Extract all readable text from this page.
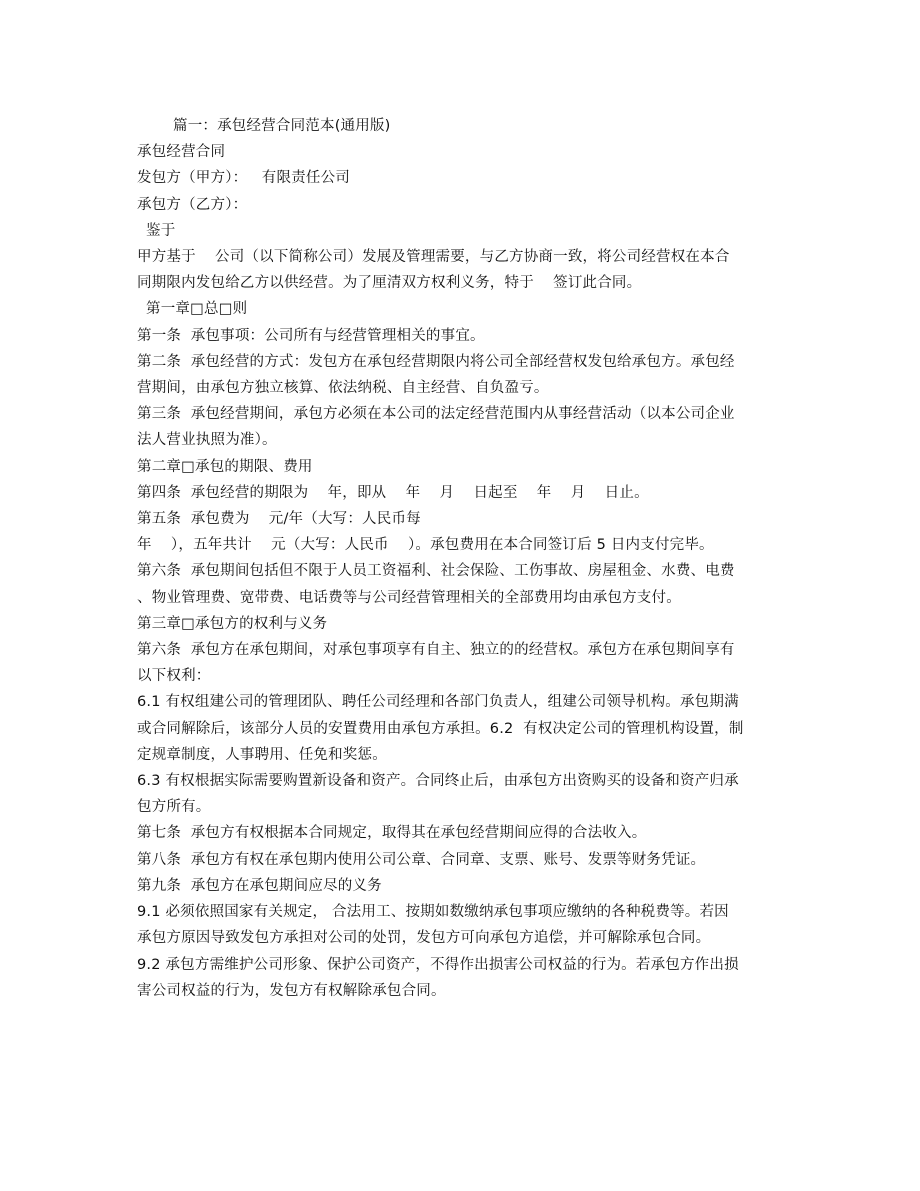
篇一：承包经营合同范本(通用版)

承包经营合同

发包方（甲方）：   有限责任公司

承包方（乙方）：

鉴于

甲方基于    公司（以下简称公司）发展及管理需要，与乙方协商一致，将公司经营权在本合

同期限内发包给乙方以供经营。为了厘清双方权利义务，特于    签订此合同。

第一章□总□则

第一条  承包事项：公司所有与经营管理相关的事宜。

第二条  承包经营的方式：发包方在承包经营期限内将公司全部经营权发包给承包方。承包经

营期间，由承包方独立核算、依法纳税、自主经营、自负盈亏。

第三条  承包经营期间，承包方必须在本公司的法定经营范围内从事经营活动（以本公司企业

法人营业执照为准）。

第二章□承包的期限、费用

第四条  承包经营的期限为    年，即从    年    月    日起至    年    月    日止。

第五条  承包费为    元/年（大写：人民币每

年    ），五年共计    元（大写：人民币    ）。承包费用在本合同签订后 5 日内支付完毕。

第六条  承包期间包括但不限于人员工资福利、社会保险、工伤事故、房屋租金、水费、电费

、物业管理费、宽带费、电话费等与公司经营管理相关的全部费用均由承包方支付。

第三章□承包方的权利与义务

第六条  承包方在承包期间，对承包事项享有自主、独立的的经营权。承包方在承包期间享有

以下权利：

6.1 有权组建公司的管理团队、聘任公司经理和各部门负责人，组建公司领导机构。承包期满

或合同解除后，该部分人员的安置费用由承包方承担。6.2  有权决定公司的管理机构设置，制

定规章制度，人事聘用、任免和奖惩。

6.3 有权根据实际需要购置新设备和资产。合同终止后，由承包方出资购买的设备和资产归承

包方所有。

第七条  承包方有权根据本合同规定，取得其在承包经营期间应得的合法收入。

第八条  承包方有权在承包期内使用公司公章、合同章、支票、账号、发票等财务凭证。

第九条  承包方在承包期间应尽的义务

9.1 必须依照国家有关规定， 合法用工、按期如数缴纳承包事项应缴纳的各种税费等。若因

承包方原因导致发包方承担对公司的处罚，发包方可向承包方追偿，并可解除承包合同。

9.2 承包方需维护公司形象、保护公司资产，不得作出损害公司权益的行为。若承包方作出损

害公司权益的行为，发包方有权解除承包合同。
